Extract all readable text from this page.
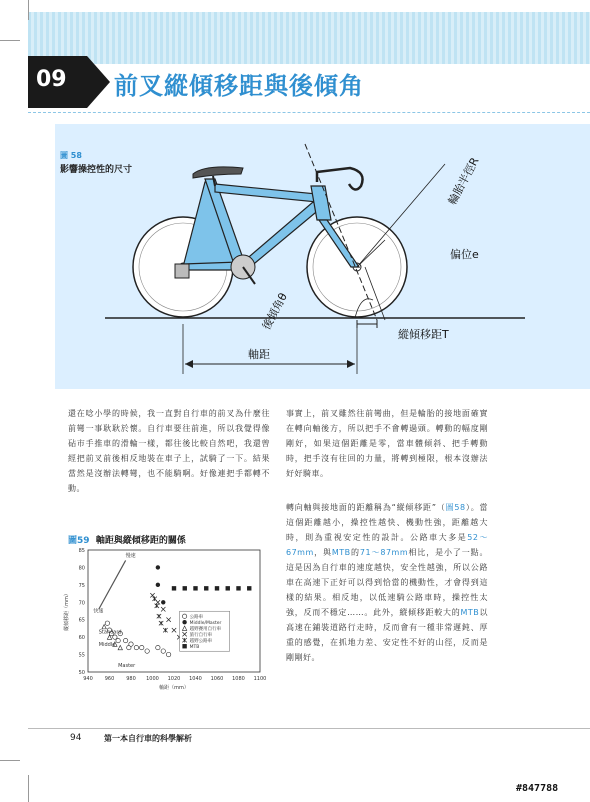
09	前叉縱傾移距與後傾角
圖 58
影響操控性的尺寸	輪胎半徑R
偏位e
後傾角θ
縱傾移距T
軸距
還在唸小學的時候，我一直對自行車的前叉為什麼往前彎一事耿耿於懷。自行車要往前進，所以我覺得像砧市手推車的滑輪一樣，都往後比較自然吧，我還曾經把前叉前後相反地裝在車子上，試騎了一下。結果當然是沒辦法轉彎，也不能騎啊。好像連把手都轉不動。
事實上，前叉雖然往前彎曲，但是輪胎的接地面確實在轉向軸後方，所以把手不會轉過頭。轉動的幅度剛剛好，如果這個距離是零，當車體傾斜、把手轉動時，把手沒有往回的力量，將轉到極限，根本沒辦法好好騎車。
轉向軸與接地面的距離稱為“縱傾移距”（圖58）。當這個距離越小，操控性越快、機動性強，距離越大時，則為重視安定性的設計。公路車大多是52〜67mm，與MTB的71〜87mm相比，是小了一點。這是因為自行車的速度越快，安全性越強，所以公路車在高速下正好可以得到恰當的機動性，才會得到這樣的結果。相反地，以低速騎公路車時，操控性太強，反而不穩定……。此外，縱傾移距較大的MTB以高速在鋪裝道路行走時，反而會有一種非常遲鈍、厚重的感覺，在抓地力差、安定性不好的山徑，反而是剛剛好。
圖59 軸距與縱傾移距的關係
940 960 980 1000 1020 1040 1060 1080 1100
50
55
60
65
70
75
80
85
軸距（mm）
縱傾移距（mm）
慢速
快速
Standard
Middle
Master
公路車
Middle/Master
越野賽用自行車
旅行自行車
越野公路車
MTB
94	第一本自行車的科學解析
#847788
